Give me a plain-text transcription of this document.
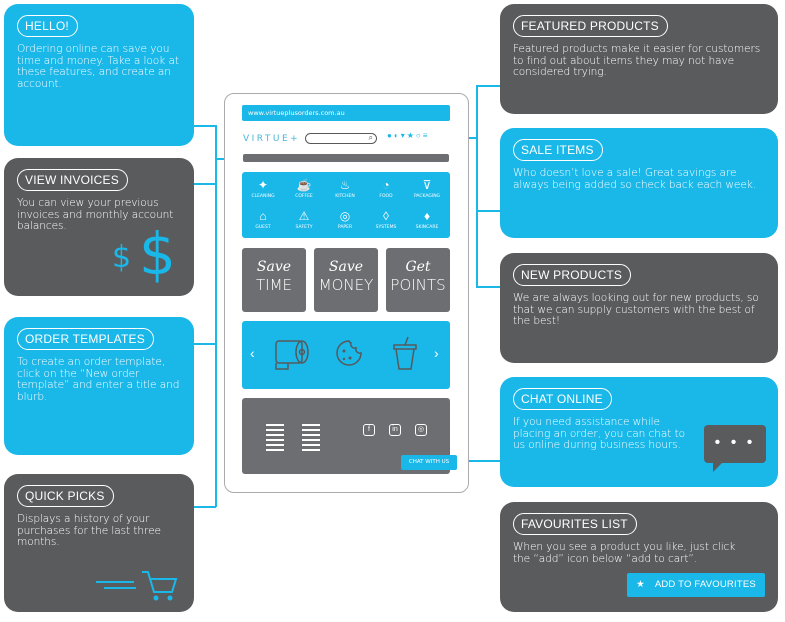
HELLO!

Ordering online can save you time and money. Take a look at these features, and create an account.

VIEW INVOICES

You can view your previous invoices and monthly account balances.

$ $
ORDER TEMPLATES

To create an order template, click on the “New order template” and enter a title and blurb.

QUICK PICKS

Displays a history of your purchases for the last three months.

FEATURED PRODUCTS

Featured products make it easier for customers to find out about items they may not have considered trying.

SALE ITEMS

Who doesn’t love a sale! Great savings are always being added so check back each week.

NEW PRODUCTS

We are always looking out for new products, so that we can supply customers with the best of the best!

CHAT ONLINE

If you need assistance while placing an order, you can chat to us online during business hours.	• • •
FAVOURITES LIST

When you see a product you like, just click the “add” icon below “add to cart”.

★ ADD TO FAVOURITES
www.virtueplusorders.com.au
VIRTUE+	⌕ ●◐▾★○≡
✦
CLEANING
☕
COFFEE
♨
KITCHEN
◔
FOOD
⊽
PACKAGING
⌂
GUEST
⚠
SAFETY
◎
PAPER
◊
SYSTEMS
♦
SKINCARE
Save
TIME
Save
MONEY
Get
POINTS
‹	›
f	in	◎
CHAT WITH US
